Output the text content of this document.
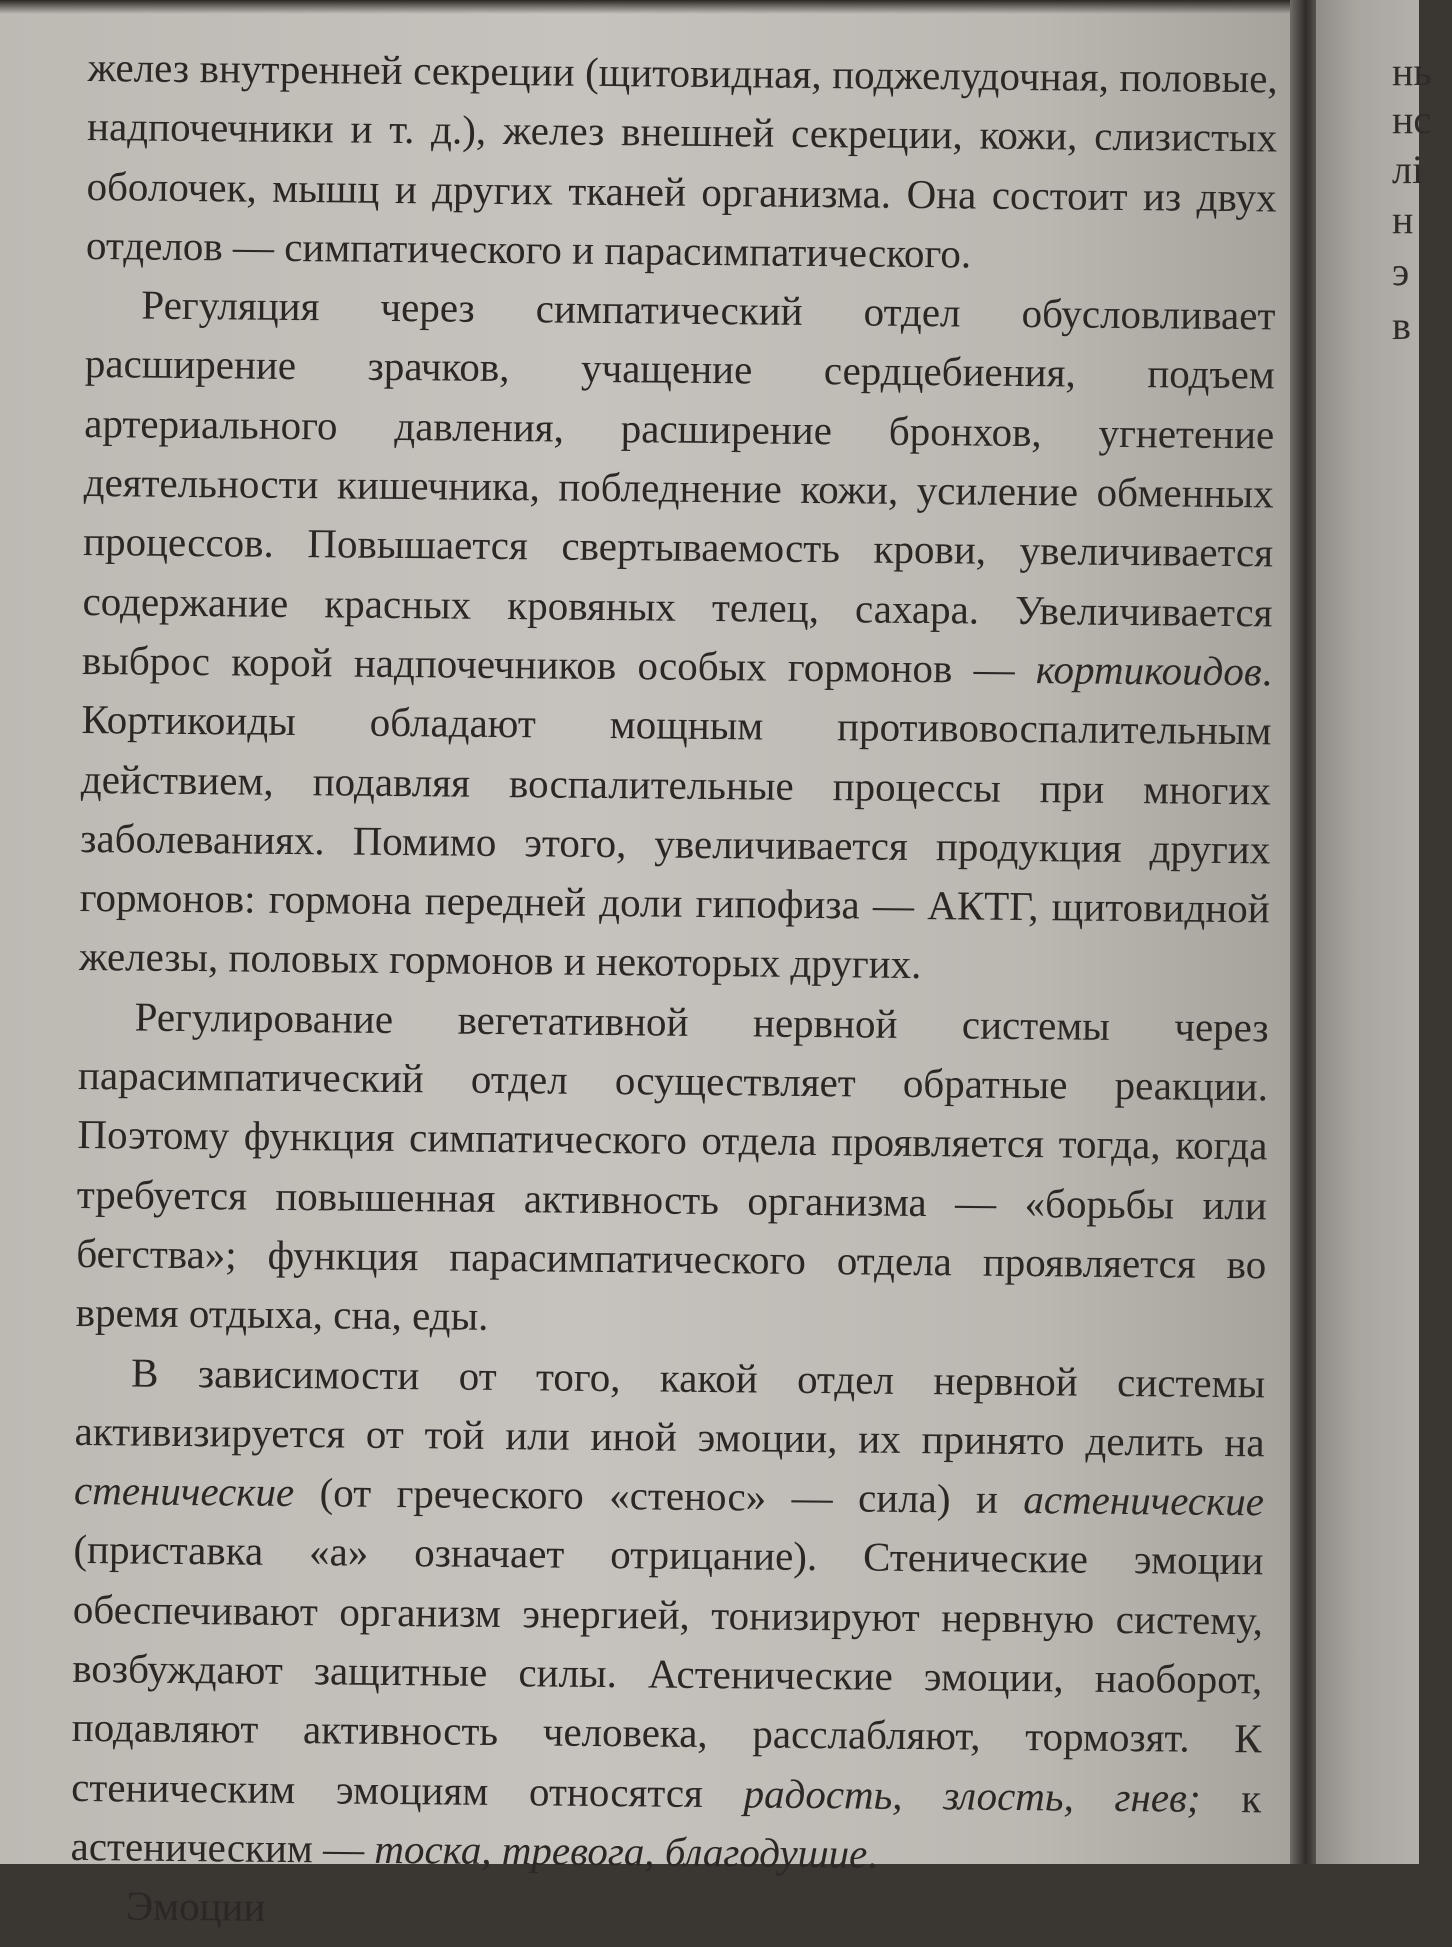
желез внутренней секреции (щитовидная, поджелудочная, половые, надпочечники и т. д.), желез внешней секреции, кожи, слизистых оболочек, мышц и других тканей организма. Она состоит из двух отделов — симпатического и парасимпатического.

Регуляция через симпатический отдел обусловливает расширение зрачков, учащение сердцебиения, подъем артериального давления, расширение бронхов, угнетение деятельности кишечника, побледнение кожи, усиление обменных процессов. Повышается свертываемость крови, увеличивается содержание красных кровяных телец, сахара. Увеличивается выброс корой надпочечников особых гормонов — кортикоидов. Кортикоиды обладают мощным противовоспалительным действием, подавляя воспалительные процессы при многих заболеваниях. Помимо этого, увеличивается продукция других гормонов: гормона передней доли гипофиза — АКТГ, щитовидной железы, половых гормонов и некоторых других.

Регулирование вегетативной нервной системы через парасимпатический отдел осуществляет обратные реакции. Поэтому функция симпатического отдела проявляется тогда, когда требуется повышенная активность организма — «борьбы или бегства»; функция парасимпатического отдела проявляется во время отдыха, сна, еды.

В зависимости от того, какой отдел нервной системы активизируется от той или иной эмоции, их принято делить на стенические (от греческого «стенос» — сила) и астенические (приставка «а» означает отрицание). Стенические эмоции обеспечивают организм энергией, тонизируют нервную систему, возбуждают защитные силы. Астенические эмоции, наоборот, подавляют активность человека, расслабляют, тормозят. К стеническим эмоциям относятся радость, злость, гнев; к астеническим — тоска, тревога, благодушие.

Эмоции

нь
нс
лі
н
э
в
